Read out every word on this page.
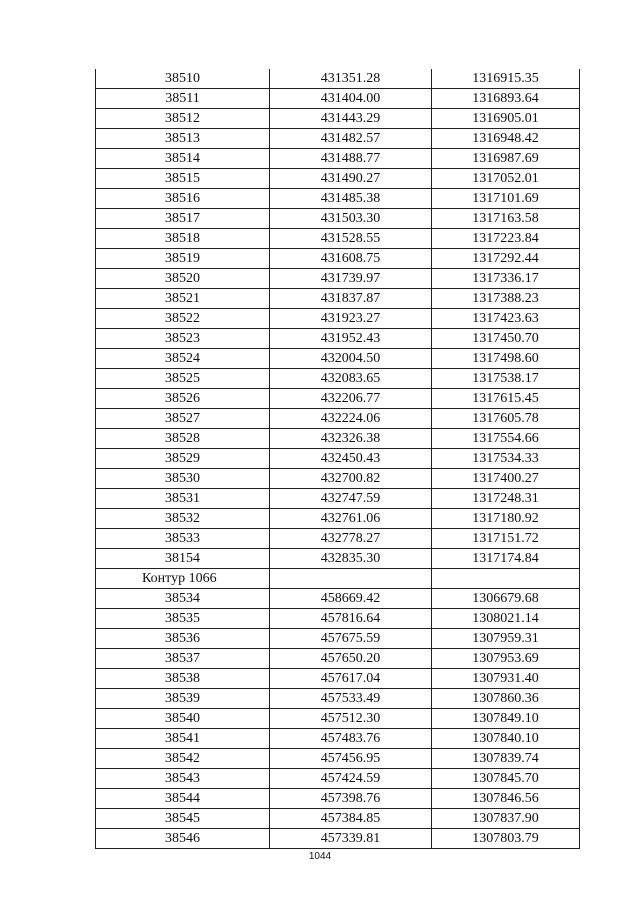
38510	431351.28	1316915.35
38511	431404.00	1316893.64
38512	431443.29	1316905.01
38513	431482.57	1316948.42
38514	431488.77	1316987.69
38515	431490.27	1317052.01
38516	431485.38	1317101.69
38517	431503.30	1317163.58
38518	431528.55	1317223.84
38519	431608.75	1317292.44
38520	431739.97	1317336.17
38521	431837.87	1317388.23
38522	431923.27	1317423.63
38523	431952.43	1317450.70
38524	432004.50	1317498.60
38525	432083.65	1317538.17
38526	432206.77	1317615.45
38527	432224.06	1317605.78
38528	432326.38	1317554.66
38529	432450.43	1317534.33
38530	432700.82	1317400.27
38531	432747.59	1317248.31
38532	432761.06	1317180.92
38533	432778.27	1317151.72
38154	432835.30	1317174.84
Контур 1066		
38534	458669.42	1306679.68
38535	457816.64	1308021.14
38536	457675.59	1307959.31
38537	457650.20	1307953.69
38538	457617.04	1307931.40
38539	457533.49	1307860.36
38540	457512.30	1307849.10
38541	457483.76	1307840.10
38542	457456.95	1307839.74
38543	457424.59	1307845.70
38544	457398.76	1307846.56
38545	457384.85	1307837.90
38546	457339.81	1307803.79
1044
